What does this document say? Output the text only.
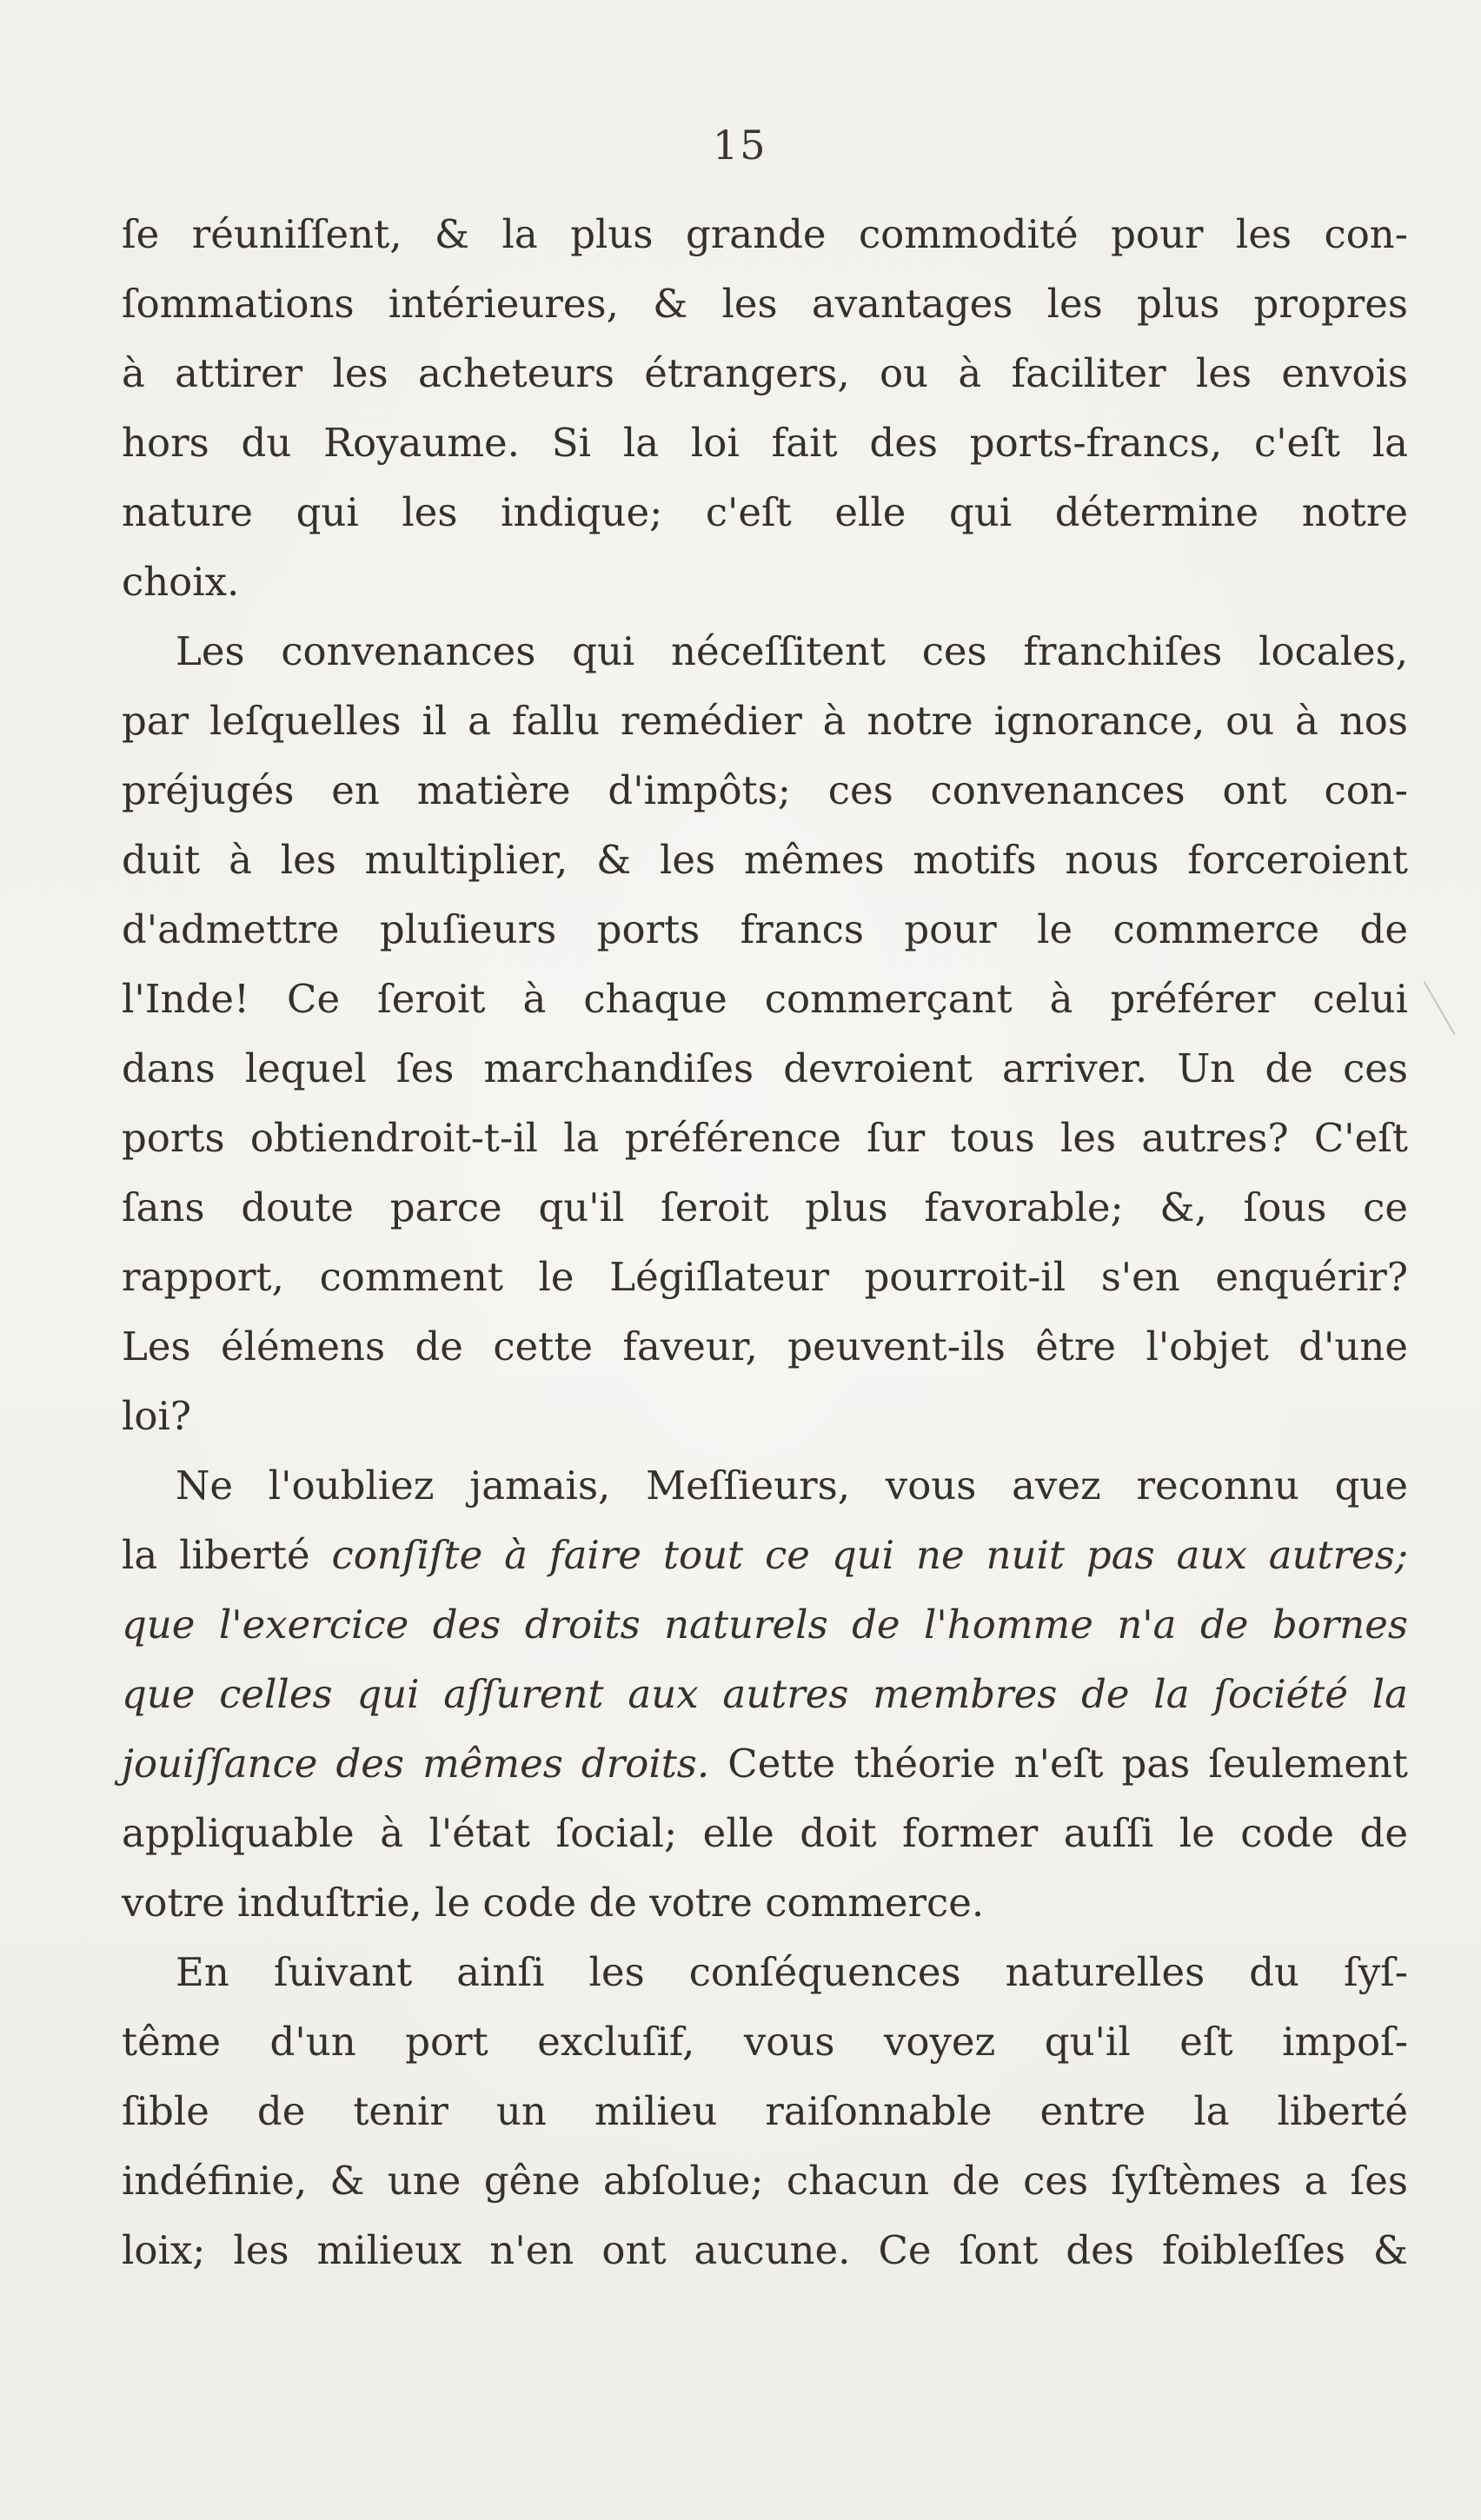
15
ſe réuniſſent, & la plus grande commodité pour les con-
ſommations intérieures, & les avantages les plus propres
à attirer les acheteurs étrangers, ou à faciliter les envois
hors du Royaume. Si la loi fait des ports-francs, c'eſt la
nature qui les indique; c'eſt elle qui détermine notre
choix.
Les convenances qui néceſſitent ces franchiſes locales,
par leſquelles il a fallu remédier à notre ignorance, ou à nos
préjugés en matière d'impôts; ces convenances ont con-
duit à les multiplier, & les mêmes motifs nous forceroient
d'admettre pluſieurs ports francs pour le commerce de
l'Inde! Ce ſeroit à chaque commerçant à préférer celui
dans lequel ſes marchandiſes devroient arriver. Un de ces
ports obtiendroit-t-il la préférence ſur tous les autres? C'eſt
ſans doute parce qu'il ſeroit plus favorable; &, ſous ce
rapport, comment le Légiſlateur pourroit-il s'en enquérir?
Les élémens de cette faveur, peuvent-ils être l'objet d'une
loi?
Ne l'oubliez jamais, Meſſieurs, vous avez reconnu que
la liberté conſiſte à faire tout ce qui ne nuit pas aux autres;
que l'exercice des droits naturels de l'homme n'a de bornes
que celles qui aſſurent aux autres membres de la ſociété la
jouiſſance des mêmes droits. Cette théorie n'eſt pas ſeulement
appliquable à l'état ſocial; elle doit former auſſi le code de
votre induſtrie, le code de votre commerce.
En ſuivant ainſi les conſéquences naturelles du ſyſ-
tême d'un port excluſif, vous voyez qu'il eſt impoſ-
ſible de tenir un milieu raiſonnable entre la liberté
indéfinie, & une gêne abſolue; chacun de ces ſyſtèmes a ſes
loix; les milieux n'en ont aucune. Ce ſont des foibleſſes &
